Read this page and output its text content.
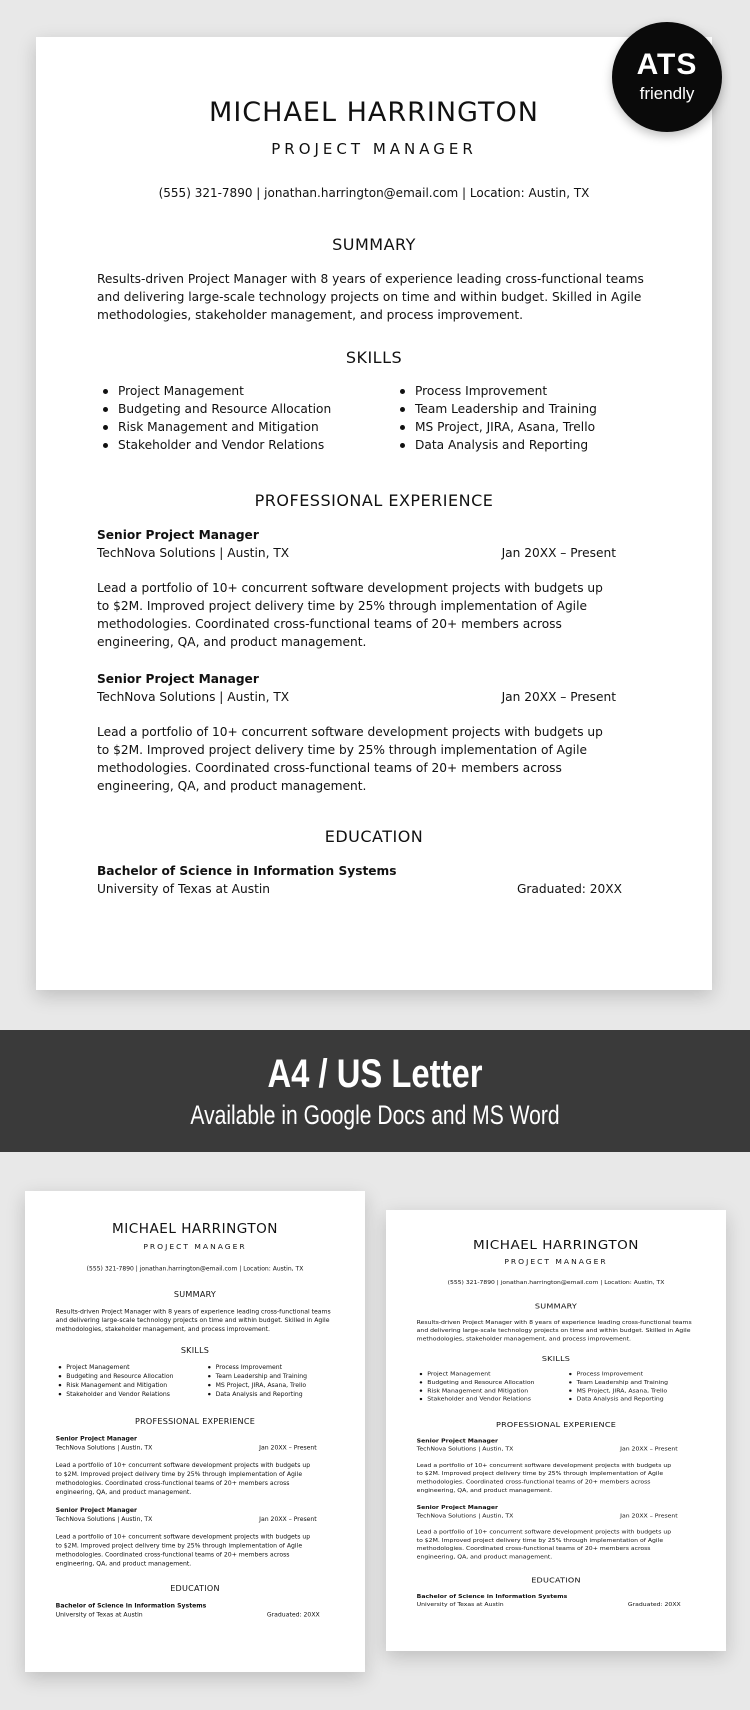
MICHAEL HARRINGTON
PROJECT MANAGER
(555) 321-7890 | jonathan.harrington@email.com | Location: Austin, TX
SUMMARY
Results-driven Project Manager with 8 years of experience leading cross-functional teams and delivering large-scale technology projects on time and within budget. Skilled in Agile methodologies, stakeholder management, and process improvement.
SKILLS
Project Management
Budgeting and Resource Allocation
Risk Management and Mitigation
Stakeholder and Vendor Relations
Process Improvement
Team Leadership and Training
MS Project, JIRA, Asana, Trello
Data Analysis and Reporting
PROFESSIONAL EXPERIENCE
Senior Project Manager
TechNova Solutions | Austin, TX	Jan 20XX – Present
Lead a portfolio of 10+ concurrent software development projects with budgets up to $2M. Improved project delivery time by 25% through implementation of Agile methodologies. Coordinated cross-functional teams of 20+ members across engineering, QA, and product management.
Senior Project Manager
TechNova Solutions | Austin, TX	Jan 20XX – Present
Lead a portfolio of 10+ concurrent software development projects with budgets up to $2M. Improved project delivery time by 25% through implementation of Agile methodologies. Coordinated cross-functional teams of 20+ members across engineering, QA, and product management.
EDUCATION
Bachelor of Science in Information Systems
University of Texas at Austin	Graduated: 20XX
ATS
friendly
A4 / US Letter
Available in Google Docs and MS Word
MICHAEL HARRINGTON
PROJECT MANAGER
(555) 321-7890 | jonathan.harrington@email.com | Location: Austin, TX
SUMMARY
Results-driven Project Manager with 8 years of experience leading cross-functional teams and delivering large-scale technology projects on time and within budget. Skilled in Agile methodologies, stakeholder management, and process improvement.
SKILLS
Project Management
Budgeting and Resource Allocation
Risk Management and Mitigation
Stakeholder and Vendor Relations
Process Improvement
Team Leadership and Training
MS Project, JIRA, Asana, Trello
Data Analysis and Reporting
PROFESSIONAL EXPERIENCE
Senior Project Manager
TechNova Solutions | Austin, TX	Jan 20XX – Present
Lead a portfolio of 10+ concurrent software development projects with budgets up to $2M. Improved project delivery time by 25% through implementation of Agile methodologies. Coordinated cross-functional teams of 20+ members across engineering, QA, and product management.
Senior Project Manager
TechNova Solutions | Austin, TX	Jan 20XX – Present
Lead a portfolio of 10+ concurrent software development projects with budgets up to $2M. Improved project delivery time by 25% through implementation of Agile methodologies. Coordinated cross-functional teams of 20+ members across engineering, QA, and product management.
EDUCATION
Bachelor of Science in Information Systems
University of Texas at Austin	Graduated: 20XX
MICHAEL HARRINGTON
PROJECT MANAGER
(555) 321-7890 | jonathan.harrington@email.com | Location: Austin, TX
SUMMARY
Results-driven Project Manager with 8 years of experience leading cross-functional teams and delivering large-scale technology projects on time and within budget. Skilled in Agile methodologies, stakeholder management, and process improvement.
SKILLS
Project Management
Budgeting and Resource Allocation
Risk Management and Mitigation
Stakeholder and Vendor Relations
Process Improvement
Team Leadership and Training
MS Project, JIRA, Asana, Trello
Data Analysis and Reporting
PROFESSIONAL EXPERIENCE
Senior Project Manager
TechNova Solutions | Austin, TX	Jan 20XX – Present
Lead a portfolio of 10+ concurrent software development projects with budgets up to $2M. Improved project delivery time by 25% through implementation of Agile methodologies. Coordinated cross-functional teams of 20+ members across engineering, QA, and product management.
Senior Project Manager
TechNova Solutions | Austin, TX	Jan 20XX – Present
Lead a portfolio of 10+ concurrent software development projects with budgets up to $2M. Improved project delivery time by 25% through implementation of Agile methodologies. Coordinated cross-functional teams of 20+ members across engineering, QA, and product management.
EDUCATION
Bachelor of Science in Information Systems
University of Texas at Austin	Graduated: 20XX
